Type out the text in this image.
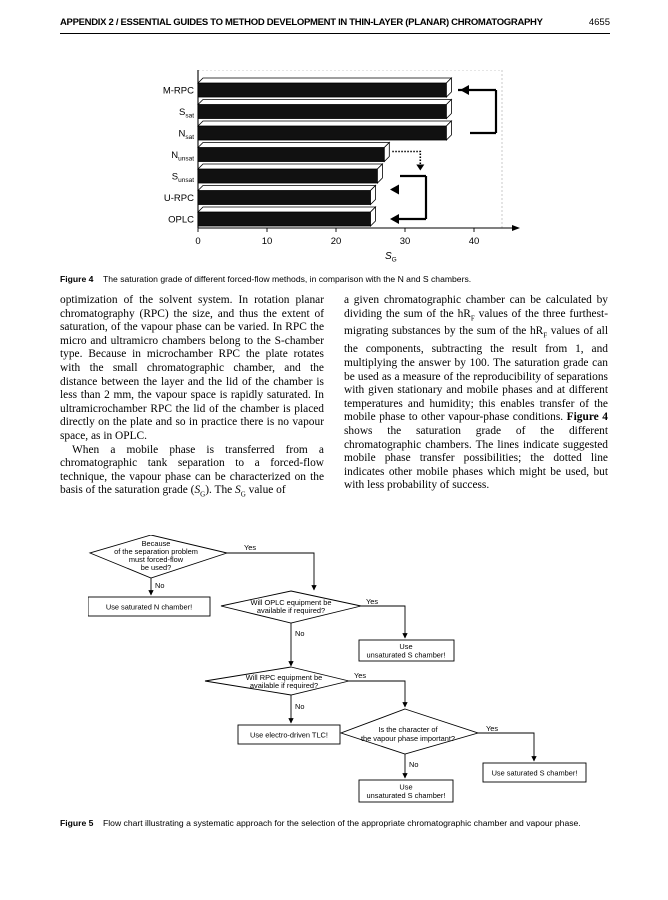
APPENDIX 2 / ESSENTIAL GUIDES TO METHOD DEVELOPMENT IN THIN-LAYER (PLANAR) CHROMATOGRAPHY	4655
M-RPC
$S_{sat}$
$N_{sat}$
$N_{unsat}$
$S_{unsat}$
U-RPC
OPLC
0	10	20	30	40
$S_G$
Figure 4 The saturation grade of different forced-flow methods, in comparison with the N and S chambers.

optimization of the solvent system. In rotation planar chromatography (RPC) the size, and thus the extent of saturation, of the vapour phase can be varied. In RPC the micro and ultramicro chambers belong to the S-chamber type. Because in microchamber RPC the plate rotates with the small chromatographic chamber, and the distance between the layer and the lid of the chamber is less than 2 mm, the vapour space is rapidly saturated. In ultramicrochamber RPC the lid of the chamber is placed directly on the plate and so in practice there is no vapour space, as in OPLC.

When a mobile phase is transferred from a chromatographic tank separation to a forced-flow technique, the vapour phase can be characterized on the basis of the saturation grade $(S_G)$. The $S_G$ value of

a given chromatographic chamber can be calculated by dividing the sum of the $hR_F$ values of the three furthest-migrating substances by the sum of the $hR_F$ values of all the components, subtracting the result from 1, and multiplying the answer by 100. The saturation grade can be used as a measure of the reproducibility of separations with given stationary and mobile phases and at different temperatures and humidity; this enables transfer of the mobile phase to other vapour-phase conditions. Figure 4 shows the saturation grade of the different chromatographic chambers. The lines indicate suggested mobile phase transfer possibilities; the dotted line indicates other mobile phases which might be used, but with less probability of success.

Because
of the separation problem
must forced-flow
be used?
Yes
No
Use saturated N chamber!	Will OPLC equipment be
available if required?
Yes
No
Use
unsaturated S chamber!
Will RPC equipment be
available if required?
Yes
No
Use electro-driven TLC!
Is the character of
the vapour phase important?
Yes
No
Use saturated S chamber!
Use
unsaturated S chamber!
Figure 5 Flow chart illustrating a systematic approach for the selection of the appropriate chromatographic chamber and vapour phase.
